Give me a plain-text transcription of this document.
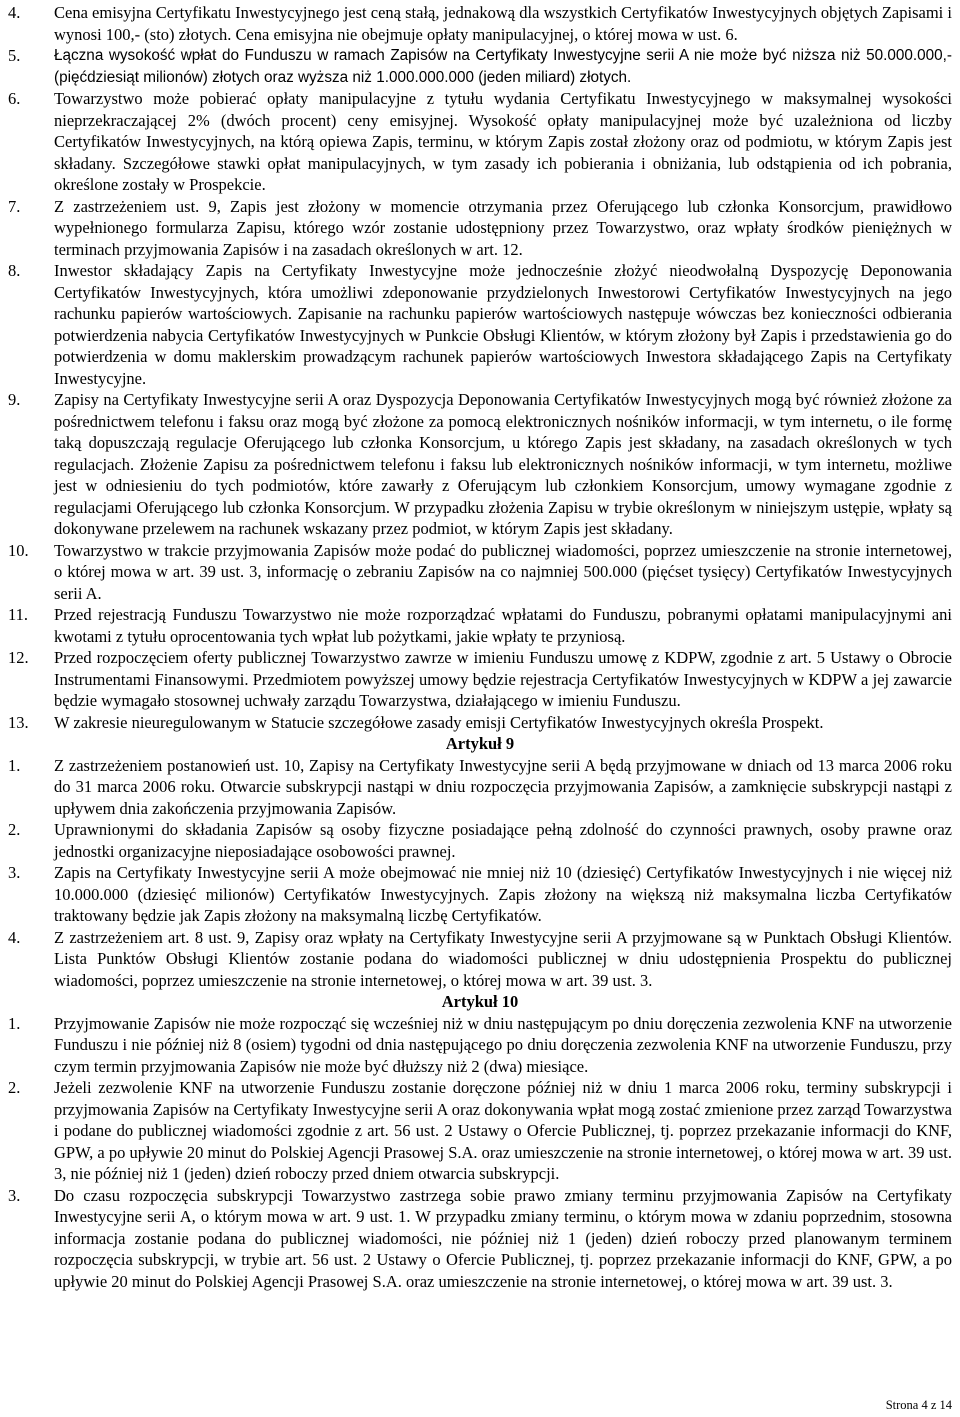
4.	Cena emisyjna Certyfikatu Inwestycyjnego jest ceną stałą, jednakową dla wszystkich Certyfikatów Inwestycyjnych objętych Zapisami i wynosi 100,- (sto) złotych. Cena emisyjna nie obejmuje opłaty manipulacyjnej, o której mowa w ust. 6.
5.	Łączna wysokość wpłat do Funduszu w ramach Zapisów na Certyfikaty Inwestycyjne serii A nie może być niższa niż 50.000.000,- (pięćdziesiąt milionów) złotych oraz wyższa niż 1.000.000.000 (jeden miliard) złotych.
6.	Towarzystwo może pobierać opłaty manipulacyjne z tytułu wydania Certyfikatu Inwestycyjnego w maksymalnej wysokości nieprzekraczającej 2% (dwóch procent) ceny emisyjnej. Wysokość opłaty manipulacyjnej może być uzależniona od liczby Certyfikatów Inwestycyjnych, na którą opiewa Zapis, terminu, w którym Zapis został złożony oraz od podmiotu, w którym Zapis jest składany. Szczegółowe stawki opłat manipulacyjnych, w tym zasady ich pobierania i obniżania, lub odstąpienia od ich pobrania, określone zostały w Prospekcie.
7.	Z zastrzeżeniem ust. 9, Zapis jest złożony w momencie otrzymania przez Oferującego lub członka Konsorcjum, prawidłowo wypełnionego formularza Zapisu, którego wzór zostanie udostępniony przez Towarzystwo, oraz wpłaty środków pieniężnych w terminach przyjmowania Zapisów i na zasadach określonych w art. 12.
8.	Inwestor składający Zapis na Certyfikaty Inwestycyjne może jednocześnie złożyć nieodwołalną Dyspozycję Deponowania Certyfikatów Inwestycyjnych, która umożliwi zdeponowanie przydzielonych Inwestorowi Certyfikatów Inwestycyjnych na jego rachunku papierów wartościowych. Zapisanie na rachunku papierów wartościowych następuje wówczas bez konieczności odbierania potwierdzenia nabycia Certyfikatów Inwestycyjnych w Punkcie Obsługi Klientów, w którym złożony był Zapis i przedstawienia go do potwierdzenia w domu maklerskim prowadzącym rachunek papierów wartościowych Inwestora składającego Zapis na Certyfikaty Inwestycyjne.
9.	Zapisy na Certyfikaty Inwestycyjne serii A oraz Dyspozycja Deponowania Certyfikatów Inwestycyjnych mogą być również złożone za pośrednictwem telefonu i faksu oraz mogą być złożone za pomocą elektronicznych nośników informacji, w tym internetu, o ile formę taką dopuszczają regulacje Oferującego lub członka Konsorcjum, u którego Zapis jest składany, na zasadach określonych w tych regulacjach. Złożenie Zapisu za pośrednictwem telefonu i faksu lub elektronicznych nośników informacji, w tym internetu, możliwe jest w odniesieniu do tych podmiotów, które zawarły z Oferującym lub członkiem Konsorcjum, umowy wymagane zgodnie z regulacjami Oferującego lub członka Konsorcjum. W przypadku złożenia Zapisu w trybie określonym w niniejszym ustępie, wpłaty są dokonywane przelewem na rachunek wskazany przez podmiot, w którym Zapis jest składany.
10.	Towarzystwo w trakcie przyjmowania Zapisów może podać do publicznej wiadomości, poprzez umieszczenie na stronie internetowej, o której mowa w art. 39 ust. 3, informację o zebraniu Zapisów na co najmniej 500.000 (pięćset tysięcy) Certyfikatów Inwestycyjnych serii A.
11.	Przed rejestracją Funduszu Towarzystwo nie może rozporządzać wpłatami do Funduszu, pobranymi opłatami manipulacyjnymi ani kwotami z tytułu oprocentowania tych wpłat lub pożytkami, jakie wpłaty te przyniosą.
12.	Przed rozpoczęciem oferty publicznej Towarzystwo zawrze w imieniu Funduszu umowę z KDPW, zgodnie z art. 5 Ustawy o Obrocie Instrumentami Finansowymi. Przedmiotem powyższej umowy będzie rejestracja Certyfikatów Inwestycyjnych w KDPW a jej zawarcie będzie wymagało stosownej uchwały zarządu Towarzystwa, działającego w imieniu Funduszu.
13.	W zakresie nieuregulowanym w Statucie szczegółowe zasady emisji Certyfikatów Inwestycyjnych określa Prospekt.
Artykuł 9
1.	Z zastrzeżeniem postanowień ust. 10, Zapisy na Certyfikaty Inwestycyjne serii A będą przyjmowane w dniach od 13 marca 2006 roku do 31 marca 2006 roku. Otwarcie subskrypcji nastąpi w dniu rozpoczęcia przyjmowania Zapisów, a zamknięcie subskrypcji nastąpi z upływem dnia zakończenia przyjmowania Zapisów.
2.	Uprawnionymi do składania Zapisów są osoby fizyczne posiadające pełną zdolność do czynności prawnych, osoby prawne oraz jednostki organizacyjne nieposiadające osobowości prawnej.
3.	Zapis na Certyfikaty Inwestycyjne serii A może obejmować nie mniej niż 10 (dziesięć) Certyfikatów Inwestycyjnych i nie więcej niż 10.000.000 (dziesięć milionów) Certyfikatów Inwestycyjnych. Zapis złożony na większą niż maksymalna liczba Certyfikatów traktowany będzie jak Zapis złożony na maksymalną liczbę Certyfikatów.
4.	Z zastrzeżeniem art. 8 ust. 9, Zapisy oraz wpłaty na Certyfikaty Inwestycyjne serii A przyjmowane są w Punktach Obsługi Klientów. Lista Punktów Obsługi Klientów zostanie podana do wiadomości publicznej w dniu udostępnienia Prospektu do publicznej wiadomości, poprzez umieszczenie na stronie internetowej, o której mowa w art. 39 ust. 3.
Artykuł 10
1.	Przyjmowanie Zapisów nie może rozpocząć się wcześniej niż w dniu następującym po dniu doręczenia zezwolenia KNF na utworzenie Funduszu i nie później niż 8 (osiem) tygodni od dnia następującego po dniu doręczenia zezwolenia KNF na utworzenie Funduszu, przy czym termin przyjmowania Zapisów nie może być dłuższy niż 2 (dwa) miesiące.
2.	Jeżeli zezwolenie KNF na utworzenie Funduszu zostanie doręczone później niż w dniu 1 marca 2006 roku, terminy subskrypcji i przyjmowania Zapisów na Certyfikaty Inwestycyjne serii A oraz dokonywania wpłat mogą zostać zmienione przez zarząd Towarzystwa i podane do publicznej wiadomości zgodnie z art. 56 ust. 2 Ustawy o Ofercie Publicznej, tj. poprzez przekazanie informacji do KNF, GPW, a po upływie 20 minut do Polskiej Agencji Prasowej S.A. oraz umieszczenie na stronie internetowej, o której mowa w art. 39 ust. 3, nie później niż 1 (jeden) dzień roboczy przed dniem otwarcia subskrypcji.
3.	Do czasu rozpoczęcia subskrypcji Towarzystwo zastrzega sobie prawo zmiany terminu przyjmowania Zapisów na Certyfikaty Inwestycyjne serii A, o którym mowa w art. 9 ust. 1. W przypadku zmiany terminu, o którym mowa w zdaniu poprzednim, stosowna informacja zostanie podana do publicznej wiadomości, nie później niż 1 (jeden) dzień roboczy przed planowanym terminem rozpoczęcia subskrypcji, w trybie art. 56 ust. 2 Ustawy o Ofercie Publicznej, tj. poprzez przekazanie informacji do KNF, GPW, a po upływie 20 minut do Polskiej Agencji Prasowej S.A. oraz umieszczenie na stronie internetowej, o której mowa w art. 39 ust. 3.
Strona 4 z 14
